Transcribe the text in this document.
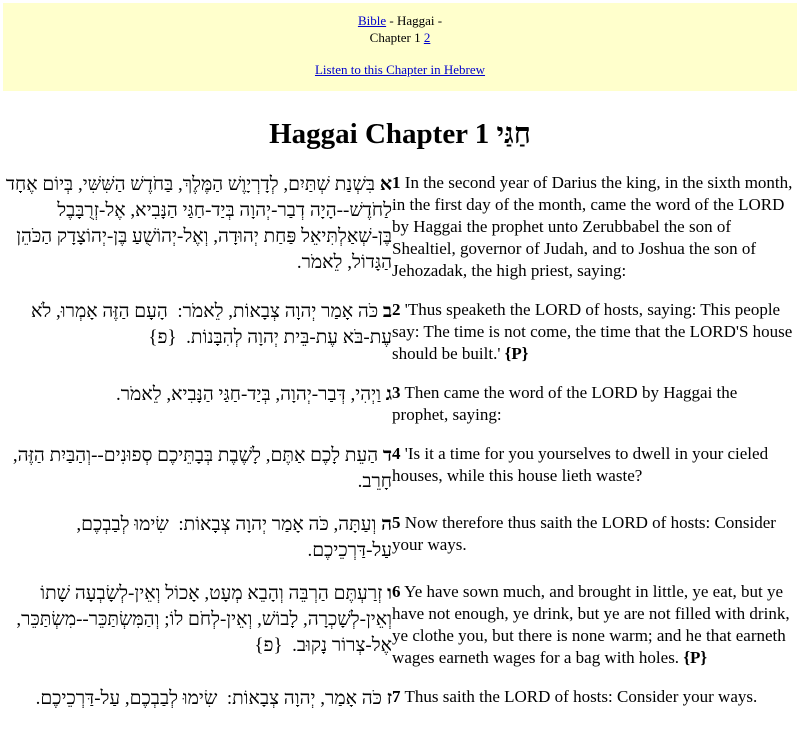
Bible - Haggai -
Chapter 1 2
Listen to this Chapter in Hebrew
Haggai Chapter 1 חַגַּי
א בִּשְׁנַת שְׁתַּיִם, לְדָרְיָוֶשׁ הַמֶּלֶךְ, בַּחֹדֶשׁ הַשִּׁשִּׁי, בְּיוֹם אֶחָד לַחֹדֶשׁ--הָיָה דְבַר-יְהוָה בְּיַד-חַגַּי הַנָּבִיא, אֶל-זְרֻבָּבֶל בֶּן-שְׁאַלְתִּיאֵל פַּחַת יְהוּדָה, וְאֶל-יְהוֹשֻׁעַ בֶּן-יְהוֹצָדָק הַכֹּהֵן הַגָּדוֹל, לֵאמֹר.	1 In the second year of Darius the king, in the sixth month, in the first day of the month, came the word of the LORD by Haggai the prophet unto Zerubbabel the son of Shealtiel, governor of Judah, and to Joshua the son of Jehozadak, the high priest, saying:
ב כֹּה אָמַר יְהוָה צְבָאוֹת, לֵאמֹר:  הָעָם הַזֶּה אָמְרוּ, לֹא עֶת-בֹּא עֶת-בֵּית יְהוָה לְהִבָּנוֹת.  {פ}	2 'Thus speaketh the LORD of hosts, saying: This people say: The time is not come, the time that the LORD'S house should be built.' {P}
ג וַיְהִי, דְּבַר-יְהוָה, בְּיַד-חַגַּי הַנָּבִיא, לֵאמֹר.	3 Then came the word of the LORD by Haggai the prophet, saying:
ד הַעֵת לָכֶם אַתֶּם, לָשֶׁבֶת בְּבָתֵּיכֶם סְפוּנִים--וְהַבַּיִת הַזֶּה, חָרֵב.	4 'Is it a time for you yourselves to dwell in your cieled houses, while this house lieth waste?
ה וְעַתָּה, כֹּה אָמַר יְהוָה צְבָאוֹת:  שִׂימוּ לְבַבְכֶם, עַל-דַּרְכֵיכֶם.	5 Now therefore thus saith the LORD of hosts: Consider your ways.
ו זְרַעְתֶּם הַרְבֵּה וְהָבֵא מְעָט, אָכוֹל וְאֵין-לְשָׂבְעָה שָׁתוֹ וְאֵין-לְשָׁכְרָה, לָבוֹשׁ, וְאֵין-לְחֹם לוֹ; וְהַמִּשְׂתַּכֵּר--מִשְׂתַּכֵּר, אֶל-צְרוֹר נָקוּב.  {פ}	6 Ye have sown much, and brought in little, ye eat, but ye have not enough, ye drink, but ye are not filled with drink, ye clothe you, but there is none warm; and he that earneth wages earneth wages for a bag with holes. {P}
ז כֹּה אָמַר, יְהוָה צְבָאוֹת:  שִׂימוּ לְבַבְכֶם, עַל-דַּרְכֵיכֶם.	7 Thus saith the LORD of hosts: Consider your ways.
